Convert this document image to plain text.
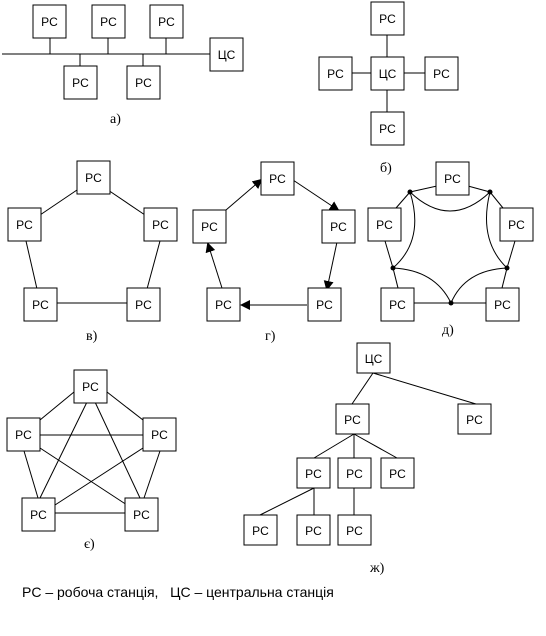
PC	PC	PC
PC	PC
ЦС
а)
PC
ЦС
PC	PC
PC
б)
PC
PC	PC
PC	PC
в)
PC
PC	PC
PC	PC
г)
PC
PC	PC
PC	PC
д)
PC
PC	PC
PC	PC
є)
ЦС
PC	PC
PC PC PC
PC	PC PC
ж)
PC – робоча станція,   ЦС – центральна станція
